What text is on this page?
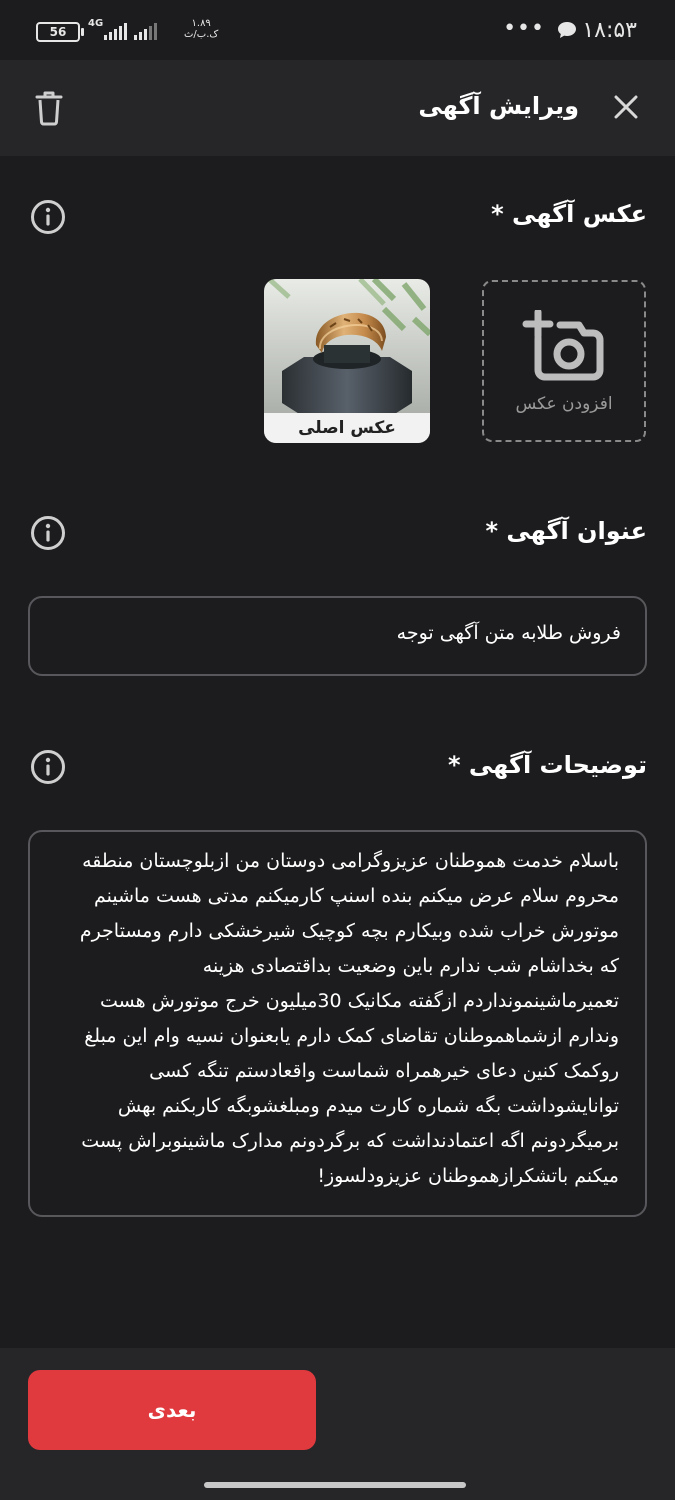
56
4G	۱.۸۹
ک.ب/ث	••• ۱۸:۵۳
ویرایش آگهی
عکس آگهی *
افزودن عکس
عکس اصلی
عنوان آگهی *
فروش طلابه متن آگهی توجه
توضیحات آگهی *
باسلام خدمت هموطنان عزیزوگرامی دوستان من ازبلوچستان منطقه
محروم سلام عرض میکنم بنده اسنپ کارمیکنم مدتی هست ماشینم
موتورش خراب شده وبیکارم بچه کوچیک شیرخشکی دارم ومستاجرم
که بخداشام شب ندارم باین وضعیت بداقتصادی هزینه
تعمیرماشینمونداردم ازگفته مکانیک 30میلیون خرج موتورش هست
وندارم ازشماهموطنان تقاضای کمک دارم یابعنوان نسیه وام این مبلغ
روکمک کنین دعای خیرهمراه شماست واقعادستم تنگه کسی
توانایشوداشت بگه شماره کارت میدم ومبلغشوبگه کاربکنم بهش
برمیگردونم اگه اعتمادنداشت که برگردونم مدارک ماشینوبراش پست
میکنم باتشکرازهموطنان عزیزودلسوز!
بعدی
